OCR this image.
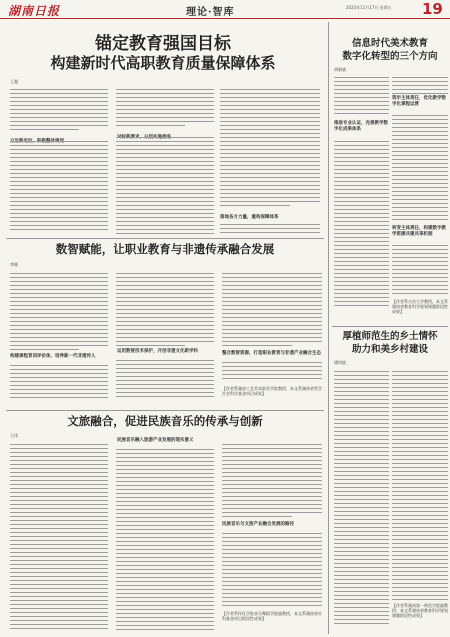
湖南日报	理论·智库	2023年11月17日 星期五 19
锚定教育强国目标
构建新时代高职教育质量保障体系
王超
落地各方力量，重构保障体系
信息时代美术教育
数字化转型的三个方向
胡新斌
推进专业认证，完善教学数字化成果体系
筑牢主体责任，优化教学数字化课程运营
转变主体责任，构建数字教学资源共建共享机制
【作者系吉首大学教授，本文系湖南省教育科学规划课题阶段性成果】
数智赋能，让职业教育与非遗传承融合发展
李媛
构建课程育训评价体，培养新一代非遗传人
运用数智技术保护，开创非遗文化新学科	整合数智资源，打造职业教育与非遗产业融合生态
【作者系湖南工艺美术职业学院教授，本文系湖南省哲学社会科学基金项目成果】
厚植师范生的乡土情怀
助力和美乡村建设
谭四波
【作者系湖南第一师范学院副教授，本文系湖南省教育科学规划课题阶段性成果】
文旅融合，促进民族音乐的传承与创新
王玮
民族音乐融入旅游产业发展的现实意义
民族音乐与文旅产业融合发展的路径
【作者系怀化学院音乐舞蹈学院副教授，本文系湖南省社科基金项目阶段性成果】
